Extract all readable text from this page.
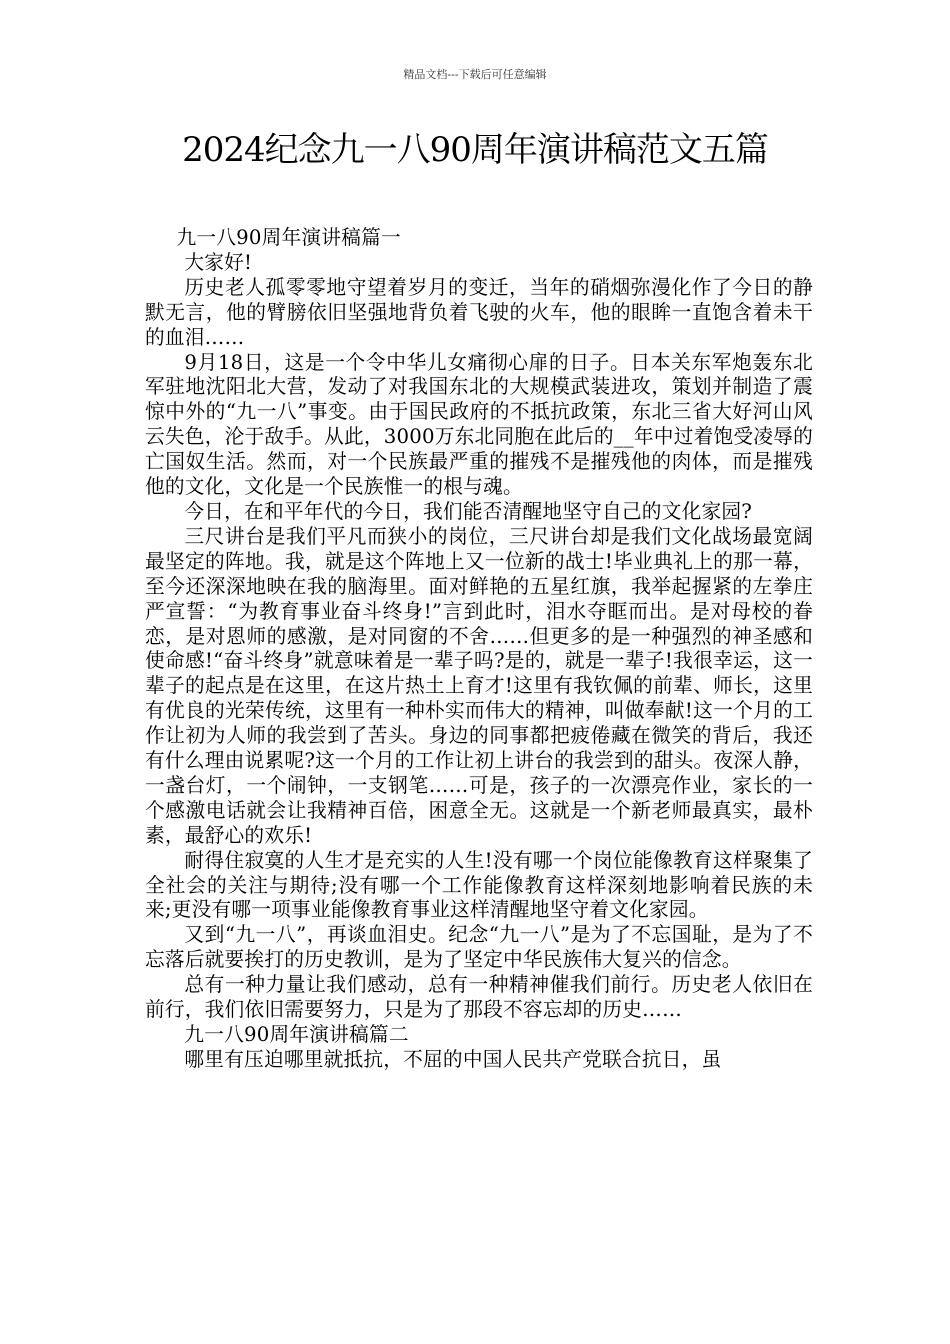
精品文档---下载后可任意编辑
2024纪念九一八90周年演讲稿范文五篇

九一八90周年演讲稿篇一

大家好!

历史老人孤零零地守望着岁月的变迁，当年的硝烟弥漫化作了今日的静默无言，他的臂膀依旧坚强地背负着飞驶的火车，他的眼眸一直饱含着未干的血泪……

9月18日，这是一个令中华儿女痛彻心扉的日子。日本关东军炮轰东北军驻地沈阳北大营，发动了对我国东北的大规模武装进攻，策划并制造了震惊中外的“九一八”事变。由于国民政府的不抵抗政策，东北三省大好河山风云失色，沦于敌手。从此，3000万东北同胞在此后的__年中过着饱受凌辱的亡国奴生活。然而，对一个民族最严重的摧残不是摧残他的肉体，而是摧残他的文化，文化是一个民族惟一的根与魂。

今日，在和平年代的今日，我们能否清醒地坚守自己的文化家园?

三尺讲台是我们平凡而狭小的岗位，三尺讲台却是我们文化战场最宽阔最坚定的阵地。我，就是这个阵地上又一位新的战士!毕业典礼上的那一幕，至今还深深地映在我的脑海里。面对鲜艳的五星红旗，我举起握紧的左拳庄严宣誓：“为教育事业奋斗终身!”言到此时，泪水夺眶而出。是对母校的眷恋，是对恩师的感激，是对同窗的不舍……但更多的是一种强烈的神圣感和使命感!“奋斗终身”就意味着是一辈子吗?是的，就是一辈子!我很幸运，这一辈子的起点是在这里，在这片热土上育才!这里有我钦佩的前辈、师长，这里有优良的光荣传统，这里有一种朴实而伟大的精神，叫做奉献!这一个月的工作让初为人师的我尝到了苦头。身边的同事都把疲倦藏在微笑的背后，我还有什么理由说累呢?这一个月的工作让初上讲台的我尝到的甜头。夜深人静，一盏台灯，一个闹钟，一支钢笔……可是，孩子的一次漂亮作业，家长的一个感激电话就会让我精神百倍，困意全无。这就是一个新老师最真实，最朴素，最舒心的欢乐!

耐得住寂寞的人生才是充实的人生!没有哪一个岗位能像教育这样聚集了全社会的关注与期待;没有哪一个工作能像教育这样深刻地影响着民族的未来;更没有哪一项事业能像教育事业这样清醒地坚守着文化家园。

又到“九一八”，再谈血泪史。纪念“九一八”是为了不忘国耻，是为了不忘落后就要挨打的历史教训，是为了坚定中华民族伟大复兴的信念。

总有一种力量让我们感动，总有一种精神催我们前行。历史老人依旧在前行，我们依旧需要努力，只是为了那段不容忘却的历史……

九一八90周年演讲稿篇二

哪里有压迫哪里就抵抗，不屈的中国人民共产党联合抗日，虽
